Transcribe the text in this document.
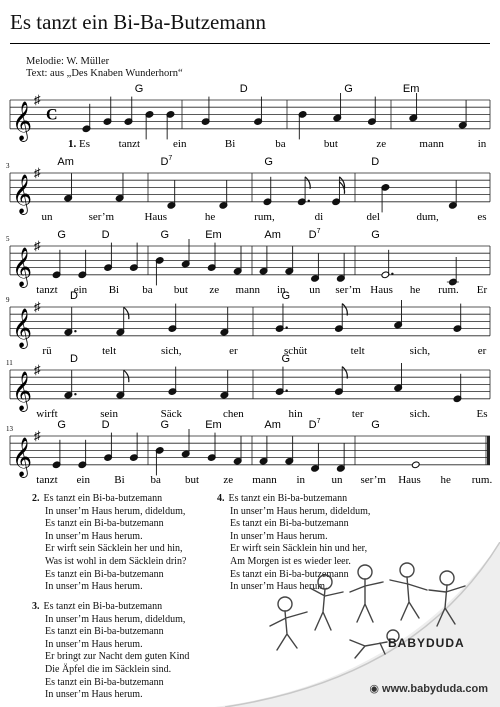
Es tanzt ein Bi-Ba-Butzemann
Melodie: W. Müller
Text: aus „Des Knaben Wunderhorn“
𝄞
♯
C
G	D	G	Em
1. Es	tanzt	ein	Bi	ba	but	ze	mann	in
𝄞
♯
3	Am	$D^7$	G	D
un	ser’m	Haus	he	rum,	di	del	dum,	es
𝄞
♯
5	G	D	G	Em	Am	$D^7$	G
tanzt ein Bi ba but ze mann in un ser’m Haus he rum. Er
𝄞
♯
9	D	G
rü	telt	sich,	er	schüt	telt	sich,	er
𝄞
♯
11	D	G
wirft	sein	Säck	chen	hin	ter	sich.	Es
𝄞
♯
13	G	D	G	Em	Am	$D^7$	G
tanzt ein Bi ba but ze mann in un ser’m Haus he rum.
2. Es tanzt ein Bi-ba-butzemann
In unser’m Haus herum, dideldum,
Es tanzt ein Bi-ba-butzemann
In unser’m Haus herum.
Er wirft sein Säcklein her und hin,
Was ist wohl in dem Säcklein drin?
Es tanzt ein Bi-ba-butzemann
In unser’m Haus herum.
4. Es tanzt ein Bi-ba-butzemann
In unser’m Haus herum, dideldum,
Es tanzt ein Bi-ba-butzemann
In unser’m Haus herum.
Er wirft sein Säcklein hin und her,
Am Morgen ist es wieder leer.
Es tanzt ein Bi-ba-butzemann
In unser’m Haus herum.
3. Es tanzt ein Bi-ba-butzemann
In unser’m Haus herum, dideldum,
Es tanzt ein Bi-ba-butzemann
In unser’m Haus herum.
Er bringt zur Nacht dem guten Kind
Die Äpfel die im Säcklein sind.
Es tanzt ein Bi-ba-butzemann
In unser’m Haus herum.
BABYDUDA
◉ www.babyduda.com
